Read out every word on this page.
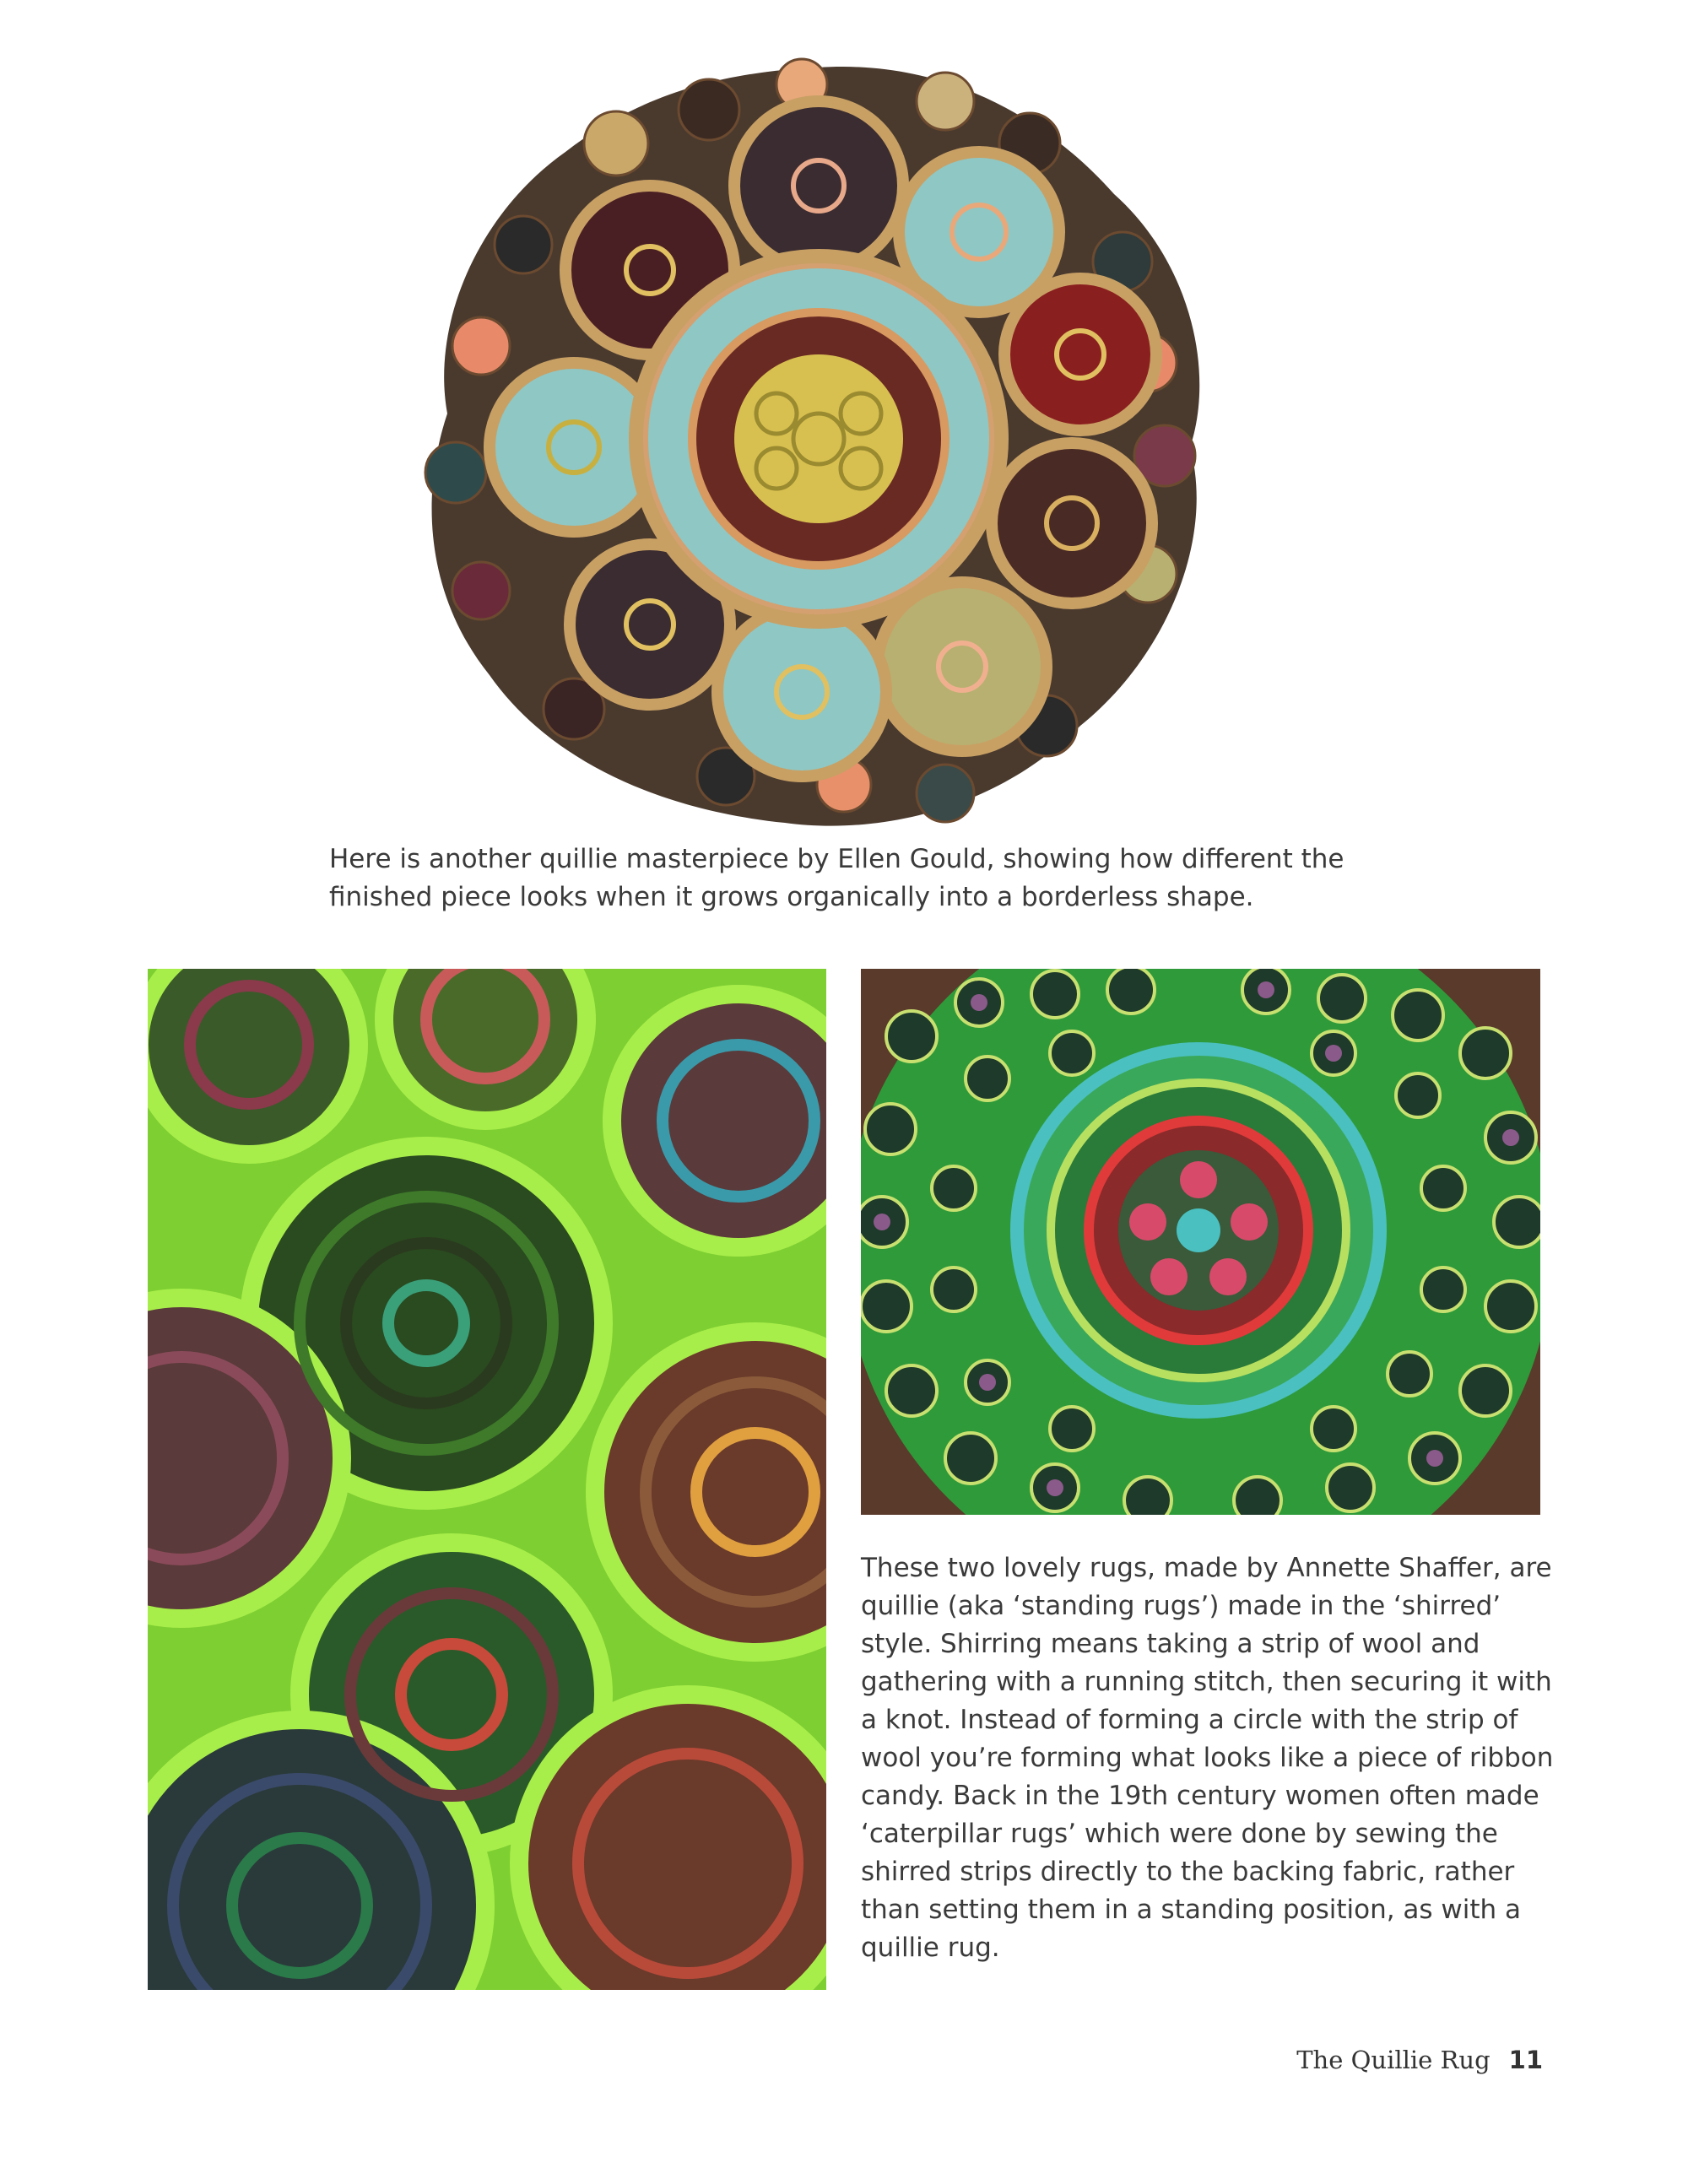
Here is another quillie masterpiece by Ellen Gould, showing how different the finished piece looks when it grows organically into a borderless shape.

These two lovely rugs, made by Annette Shaffer, are quillie (aka ‘standing rugs’) made in the ‘shirred’ style. Shirring means taking a strip of wool and gathering with a running stitch, then securing it with a knot. Instead of forming a circle with the strip of wool you’re forming what looks like a piece of ribbon candy. Back in the 19th century women often made ‘caterpillar rugs’ which were done by sewing the shirred strips directly to the backing fabric, rather than setting them in a standing position, as with a quillie rug.

The Quillie Rug 11
